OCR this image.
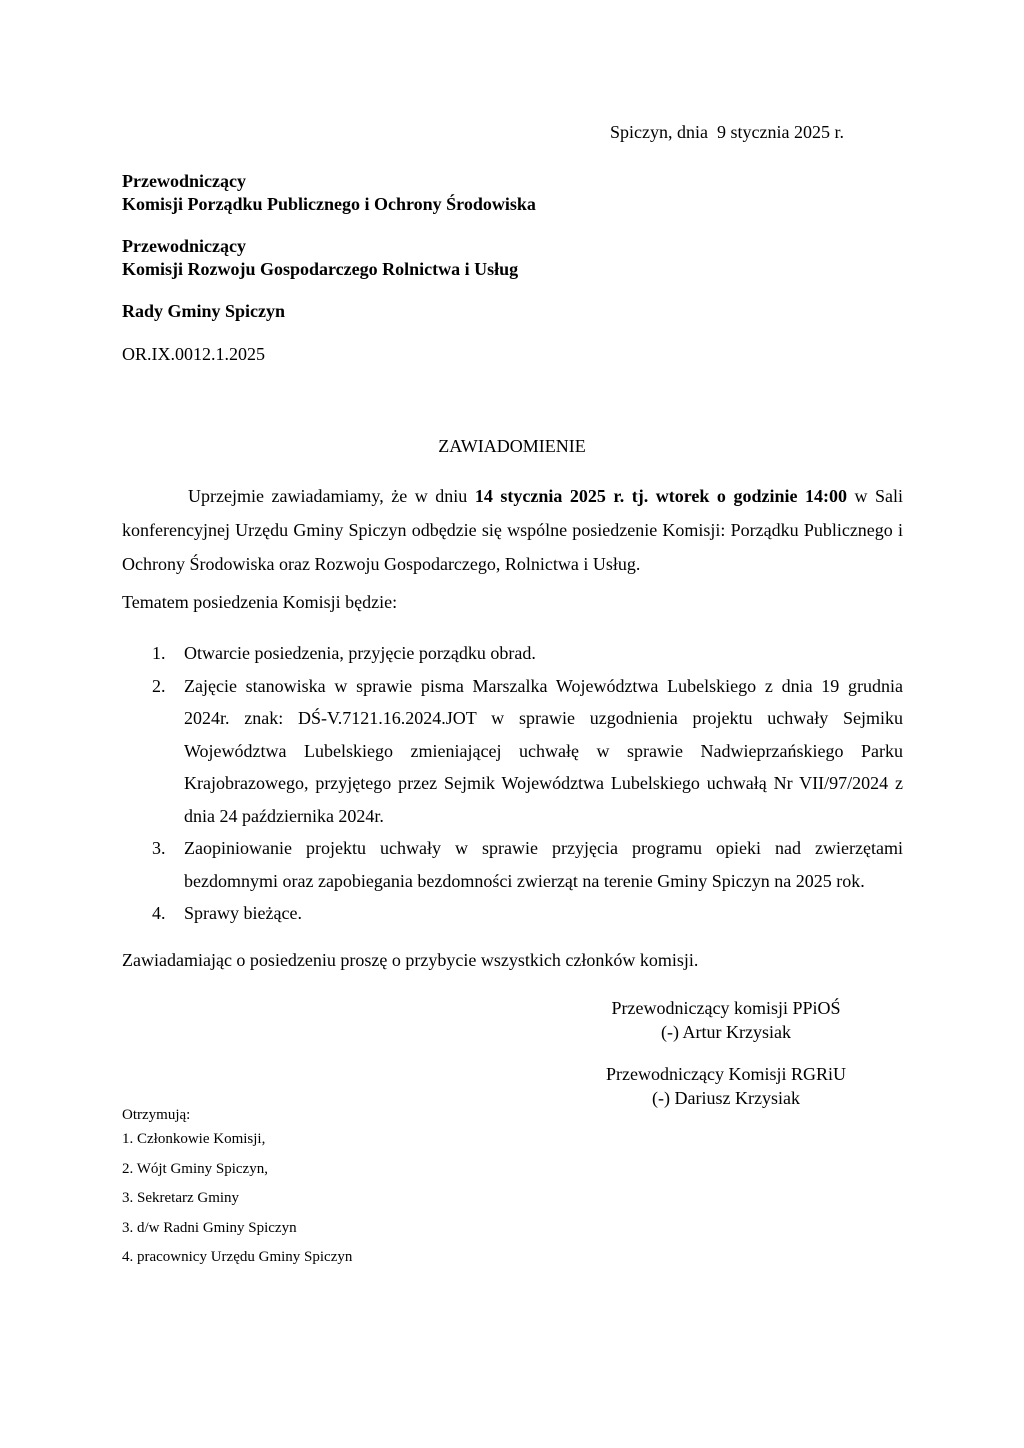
Spiczyn, dnia  9 stycznia 2025 r.
Przewodniczący
Komisji Porządku Publicznego i Ochrony Środowiska
Przewodniczący
Komisji Rozwoju Gospodarczego Rolnictwa i Usług
Rady Gminy Spiczyn
OR.IX.0012.1.2025
ZAWIADOMIENIE
Uprzejmie zawiadamiamy, że w dniu 14 stycznia 2025 r. tj. wtorek o godzinie 14:00 w Sali konferencyjnej Urzędu Gminy Spiczyn odbędzie się wspólne posiedzenie Komisji: Porządku Publicznego i Ochrony Środowiska oraz Rozwoju Gospodarczego, Rolnictwa i Usług.
Tematem posiedzenia Komisji będzie:
1. Otwarcie posiedzenia, przyjęcie porządku obrad.
2. Zajęcie stanowiska w sprawie pisma Marszalka Województwa Lubelskiego z dnia 19 grudnia 2024r. znak: DŚ-V.7121.16.2024.JOT w sprawie uzgodnienia projektu uchwały Sejmiku Województwa Lubelskiego zmieniającej uchwałę w sprawie Nadwieprzańskiego Parku Krajobrazowego, przyjętego przez Sejmik Województwa Lubelskiego uchwałą Nr VII/97/2024 z dnia 24 października 2024r.
3. Zaopiniowanie projektu uchwały w sprawie przyjęcia programu opieki nad zwierzętami bezdomnymi oraz zapobiegania bezdomności zwierząt na terenie Gminy Spiczyn na 2025 rok.
4. Sprawy bieżące.
Zawiadamiając o posiedzeniu proszę o przybycie wszystkich członków komisji.
Przewodniczący komisji PPiOŚ
(-) Artur Krzysiak
Przewodniczący Komisji RGRiU
(-) Dariusz Krzysiak
Otrzymują:
1. Członkowie Komisji,
2. Wójt Gminy Spiczyn,
3. Sekretarz Gminy
3. d/w Radni Gminy Spiczyn
4. pracownicy Urzędu Gminy Spiczyn
